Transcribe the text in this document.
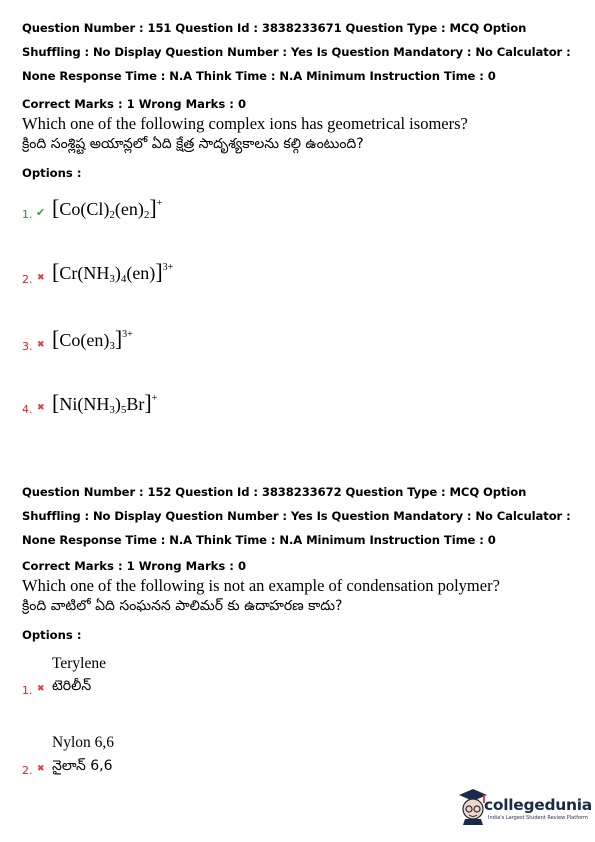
Question Number : 151 Question Id : 3838233671 Question Type : MCQ Option Shuffling : No Display Question Number : Yes Is Question Mandatory : No Calculator : None Response Time : N.A Think Time : N.A Minimum Instruction Time : 0
Correct Marks : 1 Wrong Marks : 0
Which one of the following complex ions has geometrical isomers?
క్రింది సంశ్లిష్ట అయాన్లలో ఏది క్షేత్ర సాదృశ్యకాలను కల్గి ఉంటుంది?
Options :
1. ✔ $[Co(Cl)_2(en)_2]^+$
2. ✖ $[Cr(NH_3)_4(en)]^{3+}$
3. ✖ $[Co(en)_3]^{3+}$
4. ✖ $[Ni(NH_3)_5Br]^+$
Question Number : 152 Question Id : 3838233672 Question Type : MCQ Option Shuffling : No Display Question Number : Yes Is Question Mandatory : No Calculator : None Response Time : N.A Think Time : N.A Minimum Instruction Time : 0
Correct Marks : 1 Wrong Marks : 0
Which one of the following is not an example of condensation polymer?
క్రింది వాటిలో ఏది సంఘనన పాలిమర్ కు ఉదాహరణ కాదు?
Options :
Terylene
1. ✖ టెరిలీన్
Nylon 6,6
2. ✖ నైలాన్ 6,6
collegedunia
India's Largest Student Review Platform
